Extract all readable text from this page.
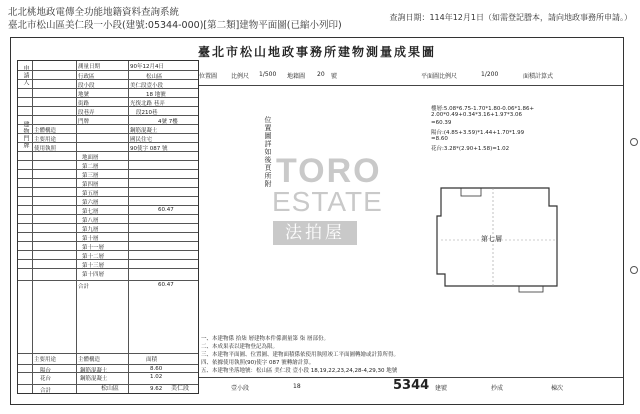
北北桃地政電傳全功能地籍資料查詢系統
臺北市松山區美仁段一小段(建號:05344-000)[第二類]建物平面圖(已縮小列印)
查詢日期：114年12月1日（如需登記謄本，請向地政事務所申請。）
臺北市松山地政事務所建物測量成果圖
申請人
建物門牌
測量日期	90年12月4日
行政區	松山區
段小段	美仁段壹小段
地號	18 地號
街路	光復北路 巷弄
段巷弄	段210巷
門牌	4號 7樓
主體構造	鋼筋混凝土
主要用途	國民住宅
使用執照	90使字 087 號
地面層
第二層
第三層
第四層
第五層
第六層
第七層	60.47
第八層
第九層
第十層
第十一層
第十二層
第十三層
第十四層
合計	60.47
主要用途	主體構造	面積
陽台	鋼筋混凝土	8.60
花台	鋼筋混凝土	1.02
合計	9.62
位置圖 比例尺 1/500 地籍圖 20 號	平面圖比例尺	1/200	面積計算式
位置圖詳如後頁所附
樓層:5.08*6.75-1.70*1.80-0.06*1.86+
2.00*0.49+0.34*3.16+1.97*3.06
=60.39
陽台:(4.85+3.59)*1.44+1.70*1.99
=8.60
花台:3.28*(2.90+1.58)=1.02
第七層
一、本建物係 拾柒 層建物本件係測量第 柒 層部份。
二、本成果表以建物登記為限。
三、本建物平面圖、位置圖、建物面積係依使用執照竣工平面圖轉繪或計算所得。
四、依據使用執照(90)使字 087 號轉繪計算。
五、本建物坐落地號：松山區 美仁段 壹小段 18,19,22,23,24,28-4,29,30 地號
松山區	美仁段	壹小段	18	5344 建號	抄成	棟次
TORO
ESTATE
法拍屋
